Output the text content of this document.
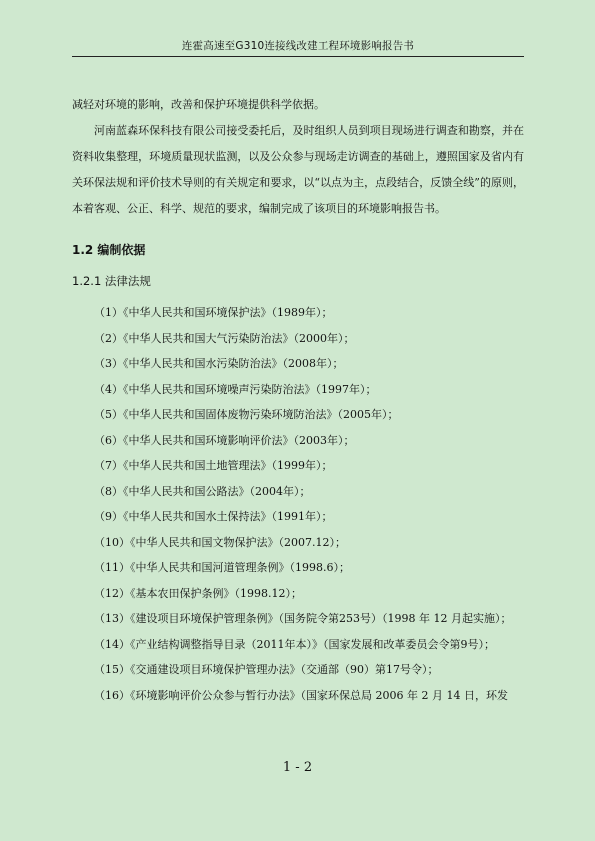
连霍高速至G310连接线改建工程环境影响报告书

减轻对环境的影响，改善和保护环境提供科学依据。

河南蓝森环保科技有限公司接受委托后，及时组织人员到项目现场进行调查和勘察，并在资料收集整理，环境质量现状监测，以及公众参与现场走访调查的基础上，遵照国家及省内有关环保法规和评价技术导则的有关规定和要求，以“以点为主，点段结合，反馈全线”的原则，本着客观、公正、科学、规范的要求，编制完成了该项目的环境影响报告书。

1.2 编制依据
1.2.1 法律法规
（1）《中华人民共和国环境保护法》（1989年）；
（2）《中华人民共和国大气污染防治法》（2000年）；
（3）《中华人民共和国水污染防治法》（2008年）；
（4）《中华人民共和国环境噪声污染防治法》（1997年）；
（5）《中华人民共和国固体废物污染环境防治法》（2005年）；
（6）《中华人民共和国环境影响评价法》（2003年）；
（7）《中华人民共和国土地管理法》（1999年）；
（8）《中华人民共和国公路法》（2004年）；
（9）《中华人民共和国水土保持法》（1991年）；
（10）《中华人民共和国文物保护法》（2007.12）；
（11）《中华人民共和国河道管理条例》（1998.6）；
（12）《基本农田保护条例》（1998.12）；
（13）《建设项目环境保护管理条例》（国务院令第253号）（1998 年 12 月起实施）；
（14）《产业结构调整指导目录（2011年本）》（国家发展和改革委员会令第9号）；
（15）《交通建设项目环境保护管理办法》（交通部（90）第17号令）；
（16）《环境影响评价公众参与暂行办法》（国家环保总局 2006 年 2 月 14 日，环发
1 - 2
